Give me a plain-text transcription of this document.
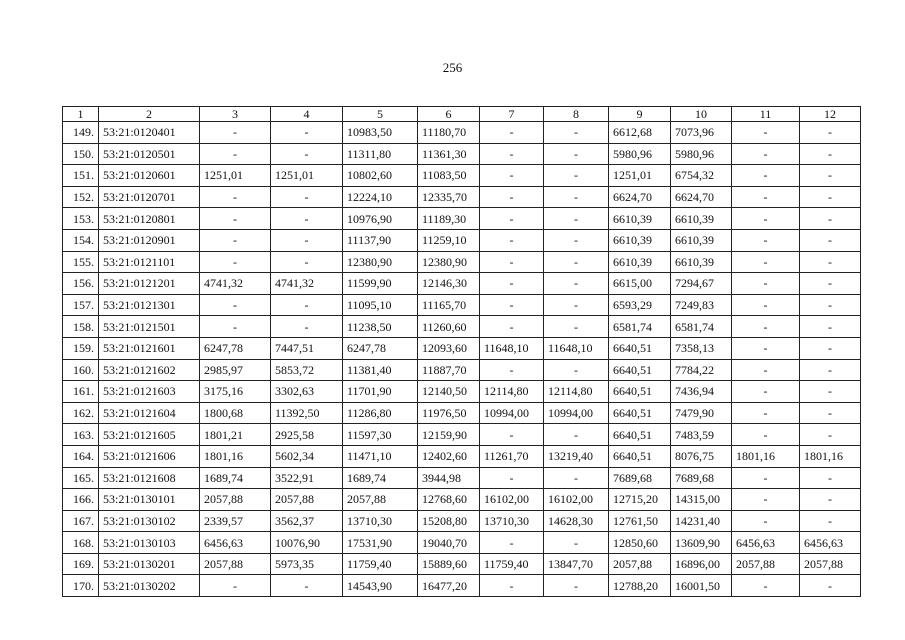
256
1	2	3	4	5	6	7	8	9	10	11	12
149.	53:21:0120401	-	-	10983,50	11180,70	-	-	6612,68	7073,96	-	-
150.	53:21:0120501	-	-	11311,80	11361,30	-	-	5980,96	5980,96	-	-
151.	53:21:0120601	1251,01	1251,01	10802,60	11083,50	-	-	1251,01	6754,32	-	-
152.	53:21:0120701	-	-	12224,10	12335,70	-	-	6624,70	6624,70	-	-
153.	53:21:0120801	-	-	10976,90	11189,30	-	-	6610,39	6610,39	-	-
154.	53:21:0120901	-	-	11137,90	11259,10	-	-	6610,39	6610,39	-	-
155.	53:21:0121101	-	-	12380,90	12380,90	-	-	6610,39	6610,39	-	-
156.	53:21:0121201	4741,32	4741,32	11599,90	12146,30	-	-	6615,00	7294,67	-	-
157.	53:21:0121301	-	-	11095,10	11165,70	-	-	6593,29	7249,83	-	-
158.	53:21:0121501	-	-	11238,50	11260,60	-	-	6581,74	6581,74	-	-
159.	53:21:0121601	6247,78	7447,51	6247,78	12093,60	11648,10	11648,10	6640,51	7358,13	-	-
160.	53:21:0121602	2985,97	5853,72	11381,40	11887,70	-	-	6640,51	7784,22	-	-
161.	53:21:0121603	3175,16	3302,63	11701,90	12140,50	12114,80	12114,80	6640,51	7436,94	-	-
162.	53:21:0121604	1800,68	11392,50	11286,80	11976,50	10994,00	10994,00	6640,51	7479,90	-	-
163.	53:21:0121605	1801,21	2925,58	11597,30	12159,90	-	-	6640,51	7483,59	-	-
164.	53:21:0121606	1801,16	5602,34	11471,10	12402,60	11261,70	13219,40	6640,51	8076,75	1801,16	1801,16
165.	53:21:0121608	1689,74	3522,91	1689,74	3944,98	-	-	7689,68	7689,68	-	-
166.	53:21:0130101	2057,88	2057,88	2057,88	12768,60	16102,00	16102,00	12715,20	14315,00	-	-
167.	53:21:0130102	2339,57	3562,37	13710,30	15208,80	13710,30	14628,30	12761,50	14231,40	-	-
168.	53:21:0130103	6456,63	10076,90	17531,90	19040,70	-	-	12850,60	13609,90	6456,63	6456,63
169.	53:21:0130201	2057,88	5973,35	11759,40	15889,60	11759,40	13847,70	2057,88	16896,00	2057,88	2057,88
170.	53:21:0130202	-	-	14543,90	16477,20	-	-	12788,20	16001,50	-	-
